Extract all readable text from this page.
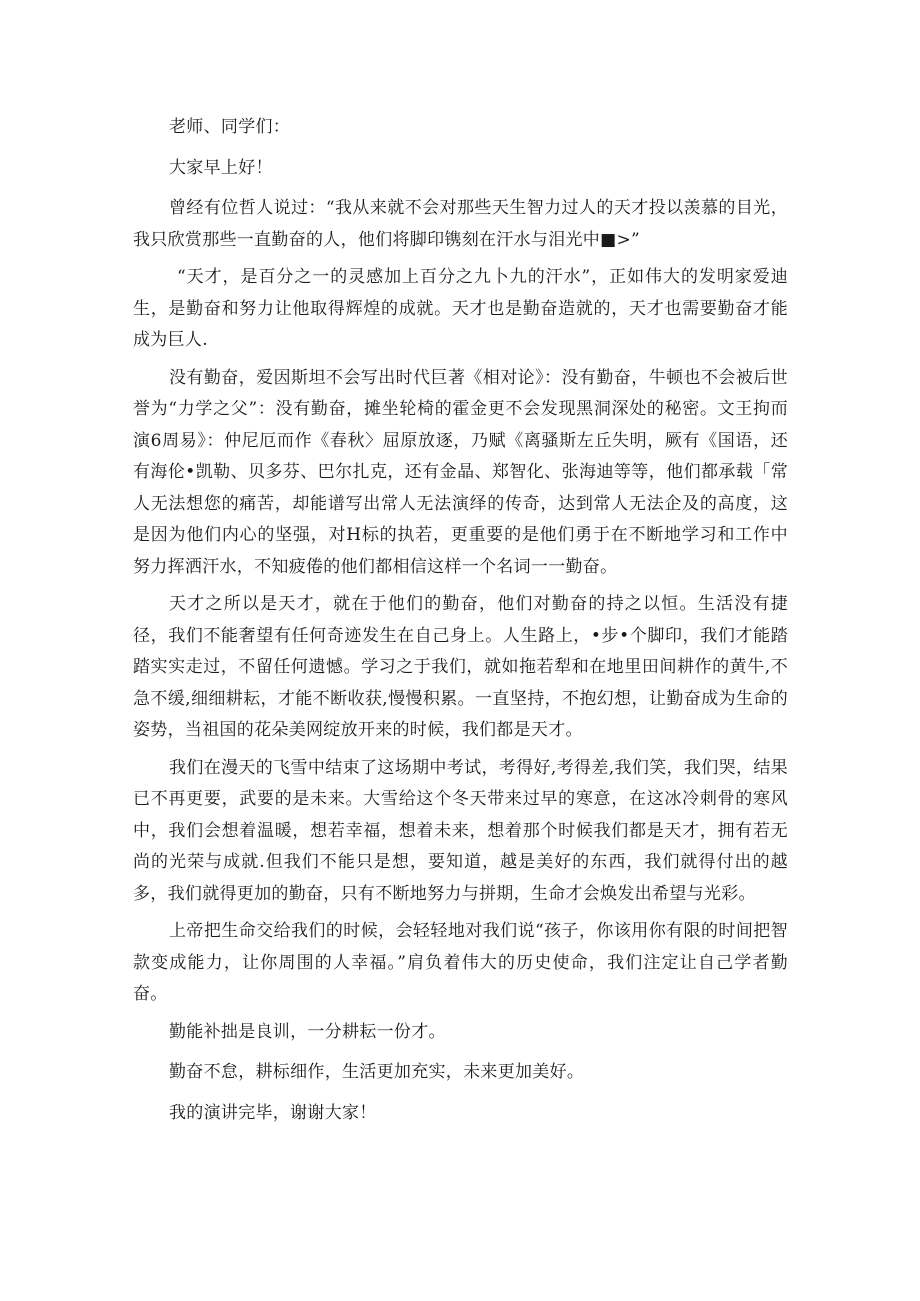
老师、同学们：

大家早上好！

曾经有位哲人说过：“我从来就不会对那些天生智力过人的天才投以羡慕的目光，我只欣赏那些一直勤奋的人，他们将脚印镌刻在汗水与泪光中■>”

“天才，是百分之一的灵感加上百分之九卜九的汗水”，正如伟大的发明家爱迪生，是勤奋和努力让他取得辉煌的成就。天才也是勤奋造就的，天才也需要勤奋才能成为巨人.

没有勤奋，爱因斯坦不会写出时代巨著《相对论》：没有勤奋，牛顿也不会被后世誉为“力学之父”：没有勤奋，摊坐轮椅的霍金更不会发现黑洞深处的秘密。文王拘而演6周易》：仲尼厄而作《春秋〉屈原放逐，乃赋《离骚斯左丘失明，厥有《国语，还有海伦•凯勒、贝多芬、巴尔扎克，还有金晶、郑智化、张海迪等等，他们都承载「常人无法想您的痛苦，却能谱写出常人无法演绎的传奇，达到常人无法企及的高度，这是因为他们内心的坚强，对H标的执若，更重要的是他们勇于在不断地学习和工作中努力挥洒汗水，不知疲倦的他们都相信这样一个名词一一勤奋。

天才之所以是天才，就在于他们的勤奋，他们对勤奋的持之以恒。生活没有捷径，我们不能奢望有任何奇迹发生在自己身上。人生路上，•步•个脚印，我们才能踏踏实实走过，不留任何遗憾。学习之于我们，就如拖若犁和在地里田间耕作的黄牛,不急不缓,细细耕耘，才能不断收获,慢慢积累。一直坚持，不抱幻想，让勤奋成为生命的姿势，当祖国的花朵美网绽放开来的时候，我们都是天才。

我们在漫天的飞雪中结束了这场期中考试，考得好,考得差,我们笑，我们哭，结果已不再更要，武要的是未来。大雪给这个冬天带来过早的寒意，在这冰冷刺骨的寒风中，我们会想着温暖，想若幸福，想着未来，想着那个时候我们都是天才，拥有若无尚的光荣与成就.但我们不能只是想，要知道，越是美好的东西，我们就得付出的越多，我们就得更加的勤奋，只有不断地努力与拼期，生命才会焕发出希望与光彩。

上帝把生命交给我们的时候，会轻轻地对我们说“孩子，你该用你有限的时间把智款变成能力，让你周围的人幸福。”肩负着伟大的历史使命，我们注定让自己学者勤奋。

勤能补拙是良训，一分耕耘一份才。

勤奋不怠，耕标细作，生活更加充实，未来更加美好。

我的演讲完毕，谢谢大家！
